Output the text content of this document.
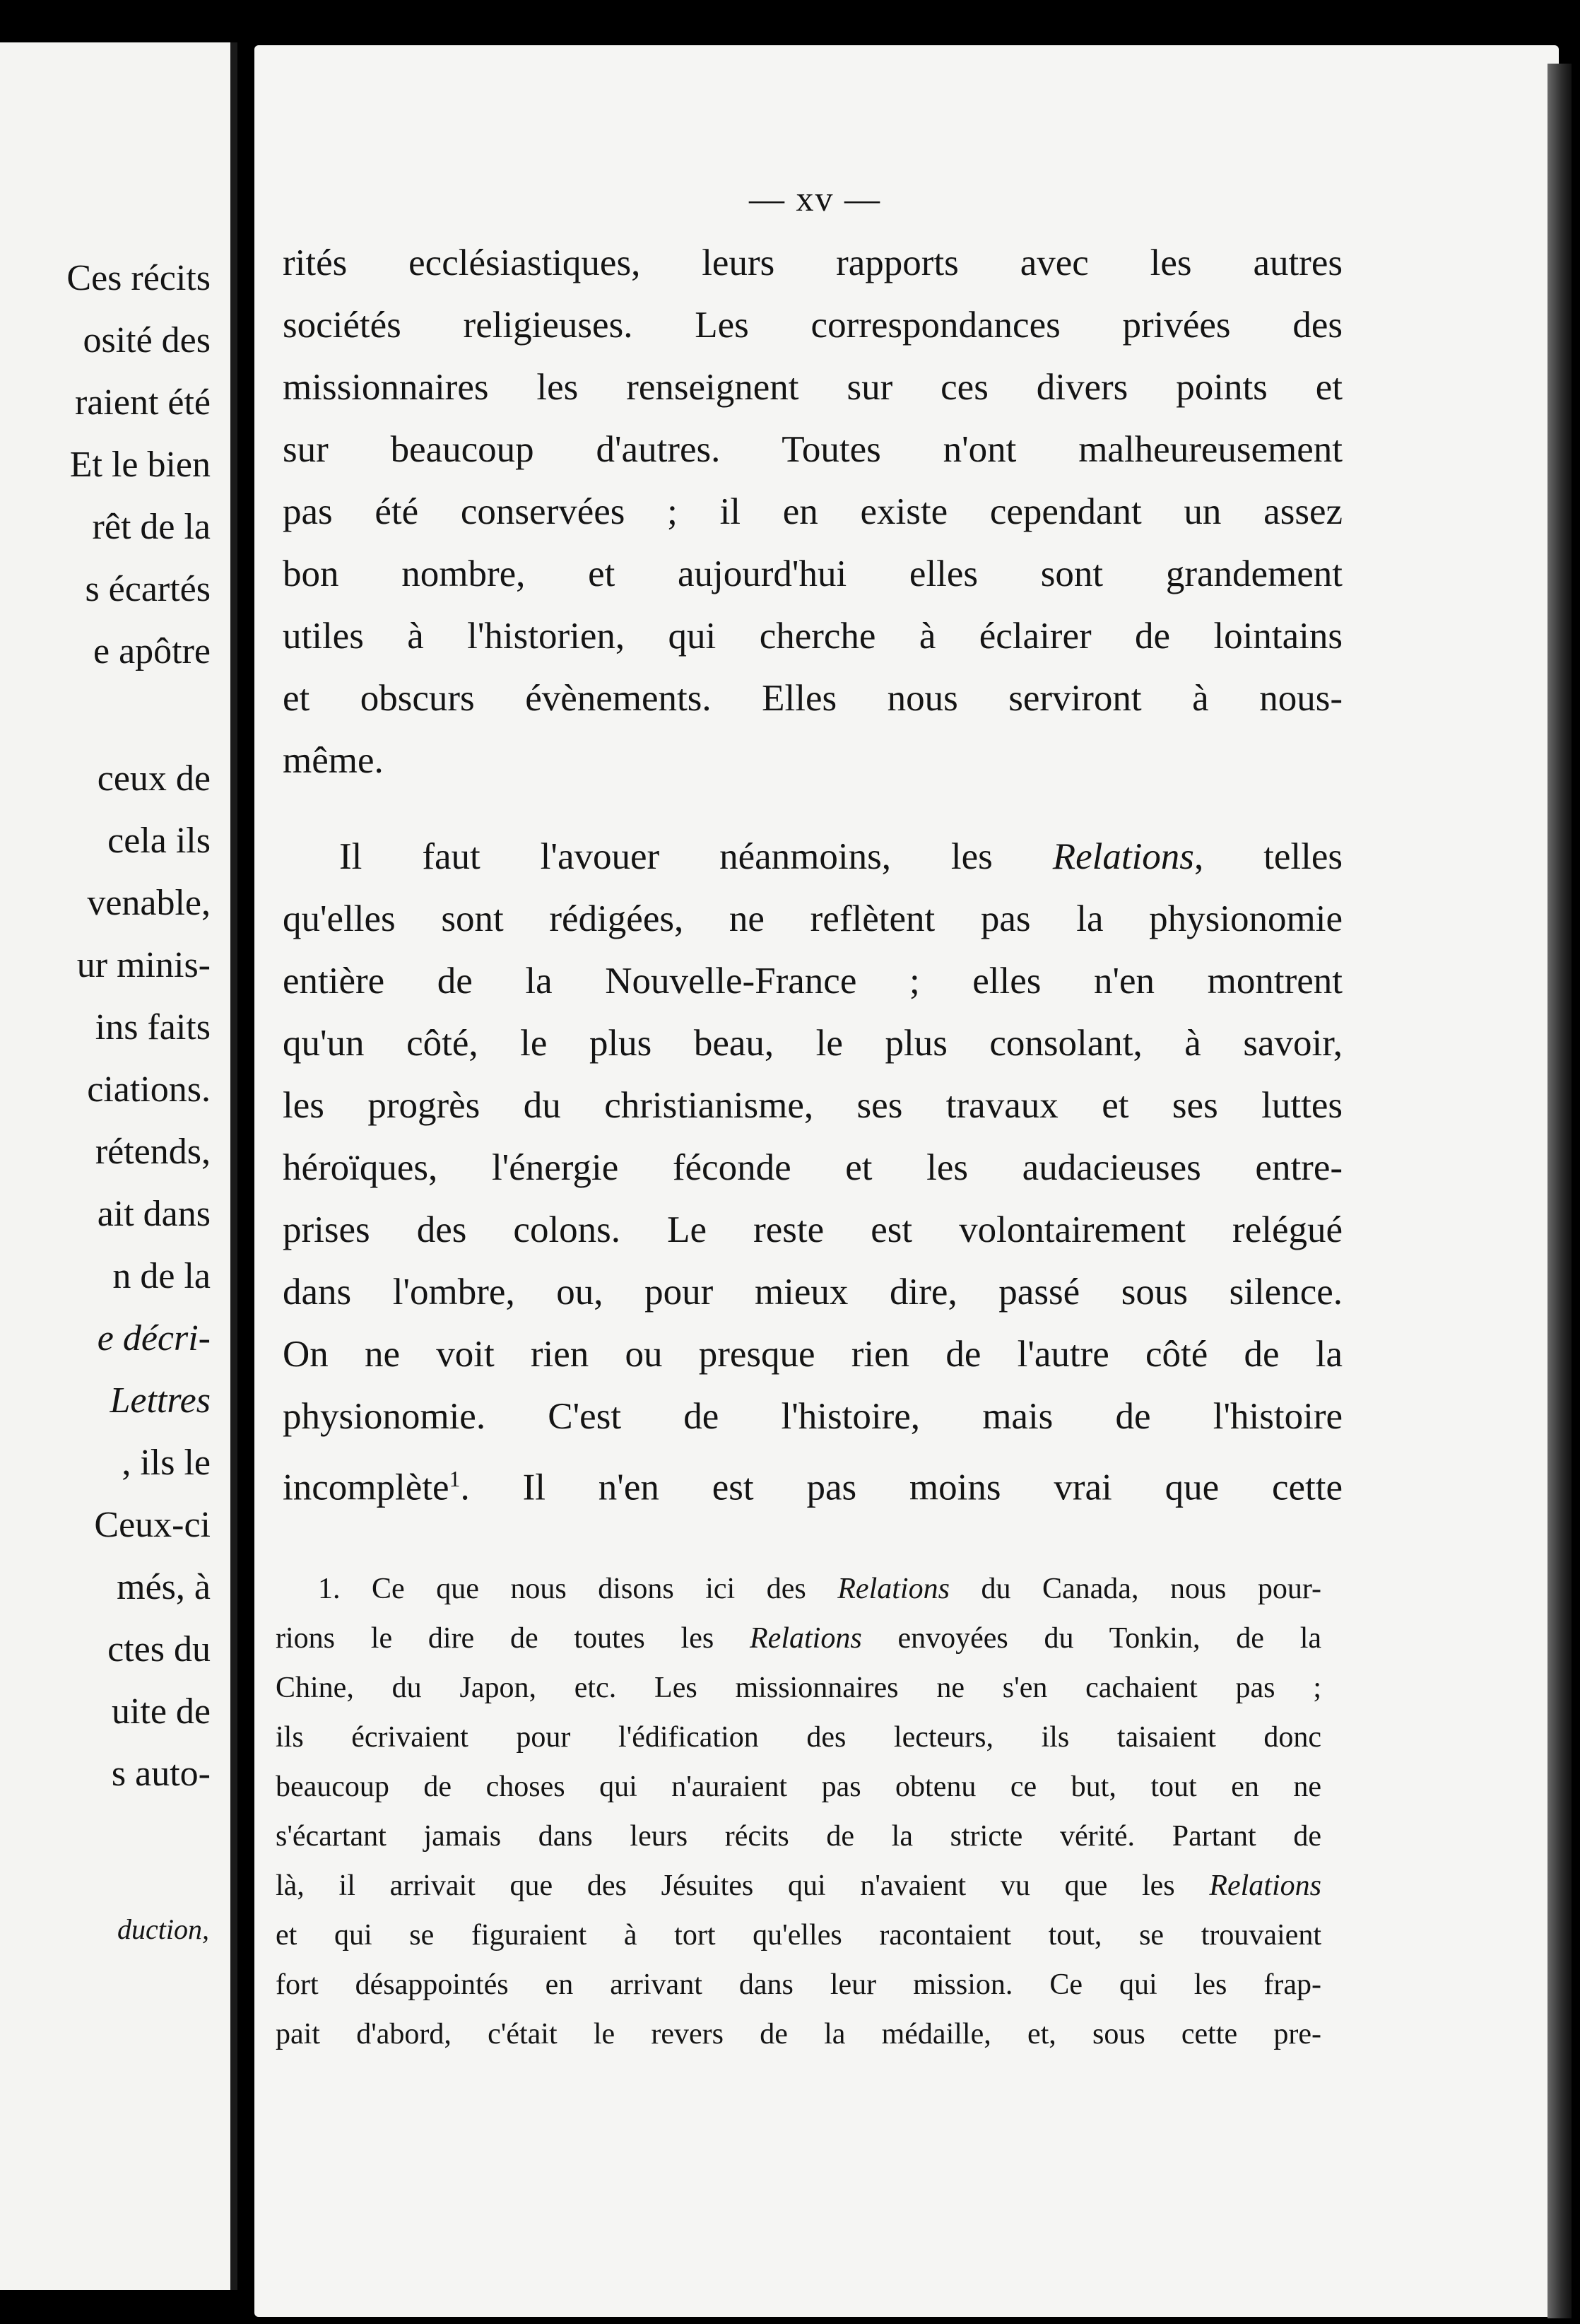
Ces récits
osité des
raient été
Et le bien
rêt de la
s écartés
e apôtre
ceux de
cela ils
venable,
ur minis-
ins faits
ciations.
rétends,
ait dans
n de la
e décri-
Lettres
, ils le
Ceux-ci
més, à
ctes du
uite de
s auto-
duction,
— xv —
rités ecclésiastiques, leurs rapports avec les autres
sociétés religieuses. Les correspondances privées des
missionnaires les renseignent sur ces divers points et
sur beaucoup d'autres. Toutes n'ont malheureusement
pas été conservées ; il en existe cependant un assez
bon nombre, et aujourd'hui elles sont grandement
utiles à l'historien, qui cherche à éclairer de lointains
et obscurs évènements. Elles nous serviront à nous-
même.
Il faut l'avouer néanmoins, les Relations, telles
qu'elles sont rédigées, ne reflètent pas la physionomie
entière de la Nouvelle-France ; elles n'en montrent
qu'un côté, le plus beau, le plus consolant, à savoir,
les progrès du christianisme, ses travaux et ses luttes
héroïques, l'énergie féconde et les audacieuses entre-
prises des colons. Le reste est volontairement relégué
dans l'ombre, ou, pour mieux dire, passé sous silence.
On ne voit rien ou presque rien de l'autre côté de la
physionomie. C'est de l'histoire, mais de l'histoire
incomplète$^1$. Il n'en est pas moins vrai que cette
1. Ce que nous disons ici des Relations du Canada, nous pour-
rions le dire de toutes les Relations envoyées du Tonkin, de la
Chine, du Japon, etc. Les missionnaires ne s'en cachaient pas ;
ils écrivaient pour l'édification des lecteurs, ils taisaient donc
beaucoup de choses qui n'auraient pas obtenu ce but, tout en ne
s'écartant jamais dans leurs récits de la stricte vérité. Partant de
là, il arrivait que des Jésuites qui n'avaient vu que les Relations
et qui se figuraient à tort qu'elles racontaient tout, se trouvaient
fort désappointés en arrivant dans leur mission. Ce qui les frap-
pait d'abord, c'était le revers de la médaille, et, sous cette pre-
